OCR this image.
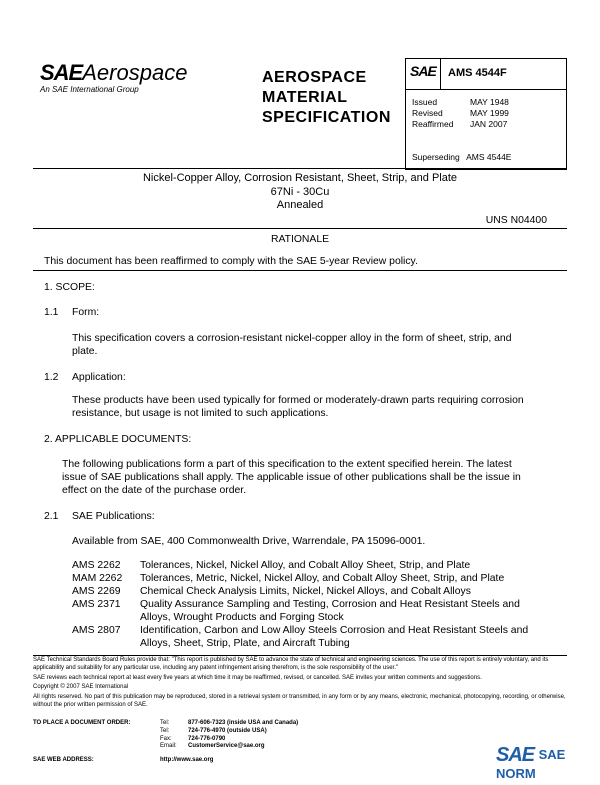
SAEAerospace
An SAE International Group
AEROSPACE
MATERIAL
SPECIFICATION
SAE AMS 4544F
Issued	MAY 1948
Revised	MAY 1999
Reaffirmed	JAN 2007
Superseding AMS 4544E
Nickel-Copper Alloy, Corrosion Resistant, Sheet, Strip, and Plate
67Ni - 30Cu
Annealed
UNS N04400
RATIONALE
This document has been reaffirmed to comply with the SAE 5-year Review policy.
1. SCOPE:
1.1 Form:
This specification covers a corrosion-resistant nickel-copper alloy in the form of sheet, strip, and
plate.
1.2 Application:
These products have been used typically for formed or moderately-drawn parts requiring corrosion
resistance, but usage is not limited to such applications.
2. APPLICABLE DOCUMENTS:
The following publications form a part of this specification to the extent specified herein. The latest
issue of SAE publications shall apply. The applicable issue of other publications shall be the issue in
effect on the date of the purchase order.
2.1 SAE Publications:
Available from SAE, 400 Commonwealth Drive, Warrendale, PA 15096-0001.
AMS 2262	Tolerances, Nickel, Nickel Alloy, and Cobalt Alloy Sheet, Strip, and Plate
MAM 2262	Tolerances, Metric, Nickel, Nickel Alloy, and Cobalt Alloy Sheet, Strip, and Plate
AMS 2269	Chemical Check Analysis Limits, Nickel, Nickel Alloys, and Cobalt Alloys
AMS 2371	Quality Assurance Sampling and Testing, Corrosion and Heat Resistant Steels and
Alloys, Wrought Products and Forging Stock
AMS 2807	Identification, Carbon and Low Alloy Steels Corrosion and Heat Resistant Steels and
Alloys, Sheet, Strip, Plate, and Aircraft Tubing
SAE Technical Standards Board Rules provide that: "This report is published by SAE to advance the state of technical and engineering sciences. The use of this report is entirely voluntary, and its applicability and suitability for any particular use, including any patent infringement arising therefrom, is the sole responsibility of the user."
SAE reviews each technical report at least every five years at which time it may be reaffirmed, revised, or cancelled. SAE invites your written comments and suggestions.
Copyright © 2007 SAE International
All rights reserved. No part of this publication may be reproduced, stored in a retrieval system or transmitted, in any form or by any means, electronic, mechanical, photocopying, recording, or otherwise, without the prior written permission of SAE.
TO PLACE A DOCUMENT ORDER:	Tel:	877-606-7323 (inside USA and Canada)
Tel:	724-776-4970 (outside USA)
Fax:	724-776-0790
Email:	CustomerService@sae.org
SAE WEB ADDRESS:	http://www.sae.org	SAE SAE NORM
